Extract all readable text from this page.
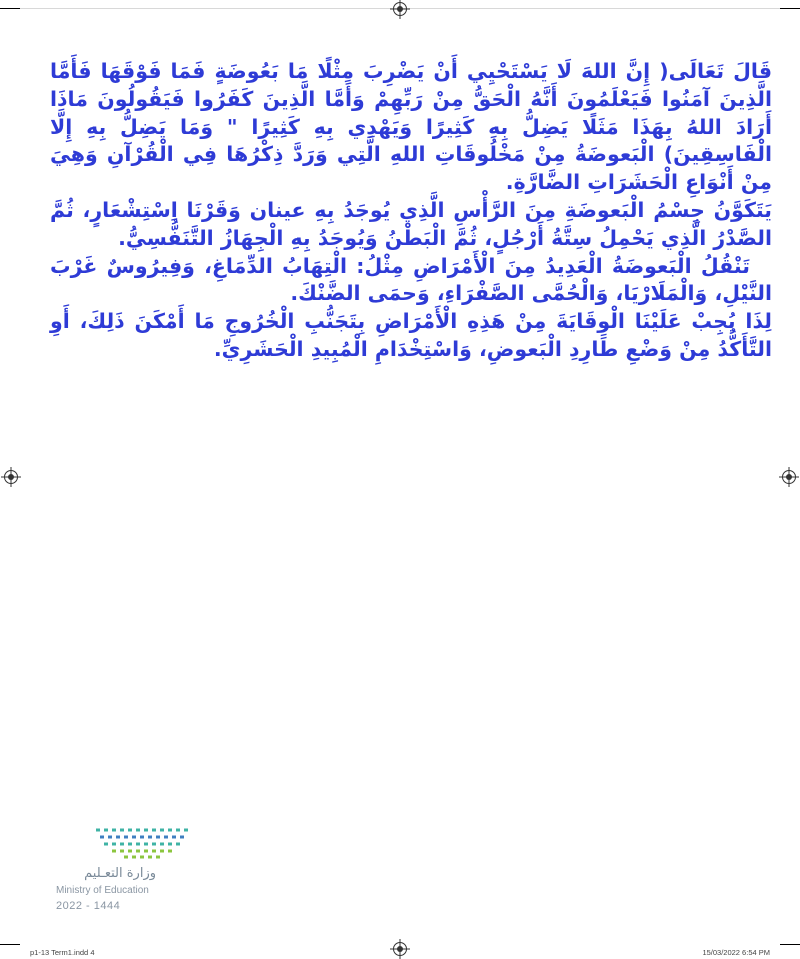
قَالَ تَعَالَى( إِنَّ اللهَ لَا يَسْتَحْيِي أَنْ يَضْرِبَ مِثْلًا مَا بَعُوضَةٍ فَمَا فَوْقَهَا فَأَمَّا الَّذِينَ آمَنُوا فَيَعْلَمُونَ أَنَّهُ الْحَقُّ مِنْ رَبِّهِمْ وَأَمَّا الَّذِينَ كَفَرُوا فَيَقُولُونَ مَاذَا أَرَادَ اللهُ بِهَذَا مَثَلًا يَضِلُّ بِهِ كَثِيرًا وَيَهْدِي بِهِ كَثِيرًا " وَمَا يَضِلُّ بِهِ إِلَّا الْفَاسِقِينَ) الْبَعوضَةُ مِنْ مَخْلُوقَاتِ اللهِ الَّتِي وَرَدَّ ذِكْرُهَا فِي الْقُرْآنِ وَهِيَ مِنْ أَنْوَاعِ الْحَشَرَاتِ الضَّارَّةِ.

يَتَكَوَّنُ جِسْمُ الْبَعوضَةِ مِنَ الرَّأْسِ الَّذِي يُوجَدُ بِهِ عينان وَقَرْنَا اِسْتِشْعَارٍ، ثُمَّ الصَّدْرُ الَّذِي يَحْمِلُ سِتَّةُ أَرْجُلٍ، ثُمَّ الْبَطْنُ وَيُوجَدُ بِهِ الْجِهَازُ التَّنَفُّسِيُّ.

تَنْقُلُ الْبَعوضَةُ الْعَدِيدُ مِنَ الْأَمْرَاضِ مِثْلُ: الْتِهَابُ الدِّمَاغِ، وَفِيرُوسٌ غَرْبَ النَّيْلِ، وَالْمَلَارْيَا، وَالْحُمَّى الصَّفْرَاءِ، وَحمَى الضَّنْكَ.

لِذَا يُجِبْ عَلَيْنَا الْوِقَايَةَ مِنْ هَذِهِ الْأَمْرَاضِ بِتَجَنُّبِ الْخُرُوجِ مَا أَمْكَنَ ذَلِكَ، أَوِ التَّأَكُّدُ مِنْ وَضْعِ طَارِدِ الْبَعوضِ، وَاسْتِخْدَامِ الْمُبِيدِ الْحَشَرِيِّ.

وزارة التعـليم
Ministry of Education
2022 - 1444
p1-13 Term1.indd 4	15/03/2022 6:54 PM
